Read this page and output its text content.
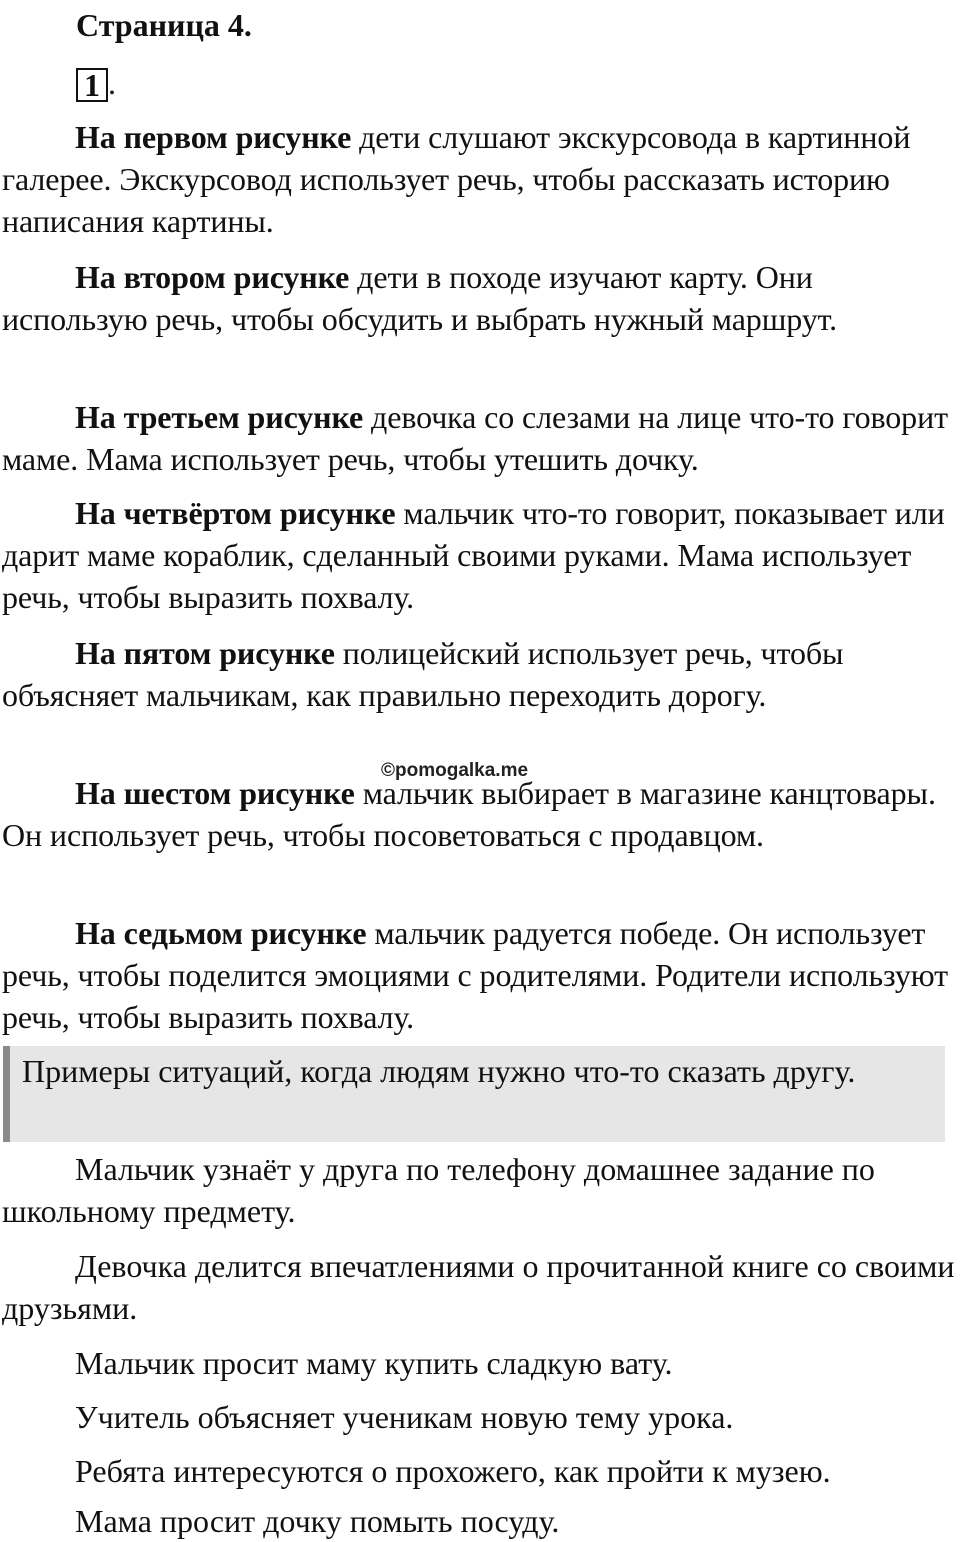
Страница 4.
1 .

На первом рисунке дети слушают экскурсовода в картинной галерее. Экскурсовод использует речь, чтобы рассказать историю написания картины.

На втором рисунке дети в походе изучают карту. Они использую речь, чтобы обсудить и выбрать нужный маршрут.

На третьем рисунке девочка со слезами на лице что-то говорит маме. Мама использует речь, чтобы утешить дочку.

На четвёртом рисунке мальчик что-то говорит, показывает или дарит маме кораблик, сделанный своими руками. Мама использует речь, чтобы выразить похвалу.

На пятом рисунке полицейский использует речь, чтобы объясняет мальчикам, как правильно переходить дорогу.

©pomogalka.me

На шестом рисунке мальчик выбирает в магазине канцтовары. Он использует речь, чтобы посоветоваться с продавцом.

На седьмом рисунке мальчик радуется победе. Он использует речь, чтобы поделится эмоциями с родителями. Родители используют речь, чтобы выразить похвалу.

Примеры ситуаций, когда людям нужно что-то сказать другу.

Мальчик узнаёт у друга по телефону домашнее задание по школьному предмету.

Девочка делится впечатлениями о прочитанной книге со своими друзьями.

Мальчик просит маму купить сладкую вату.

Учитель объясняет ученикам новую тему урока.

Ребята интересуются о прохожего, как пройти к музею.

Мама просит дочку помыть посуду.
